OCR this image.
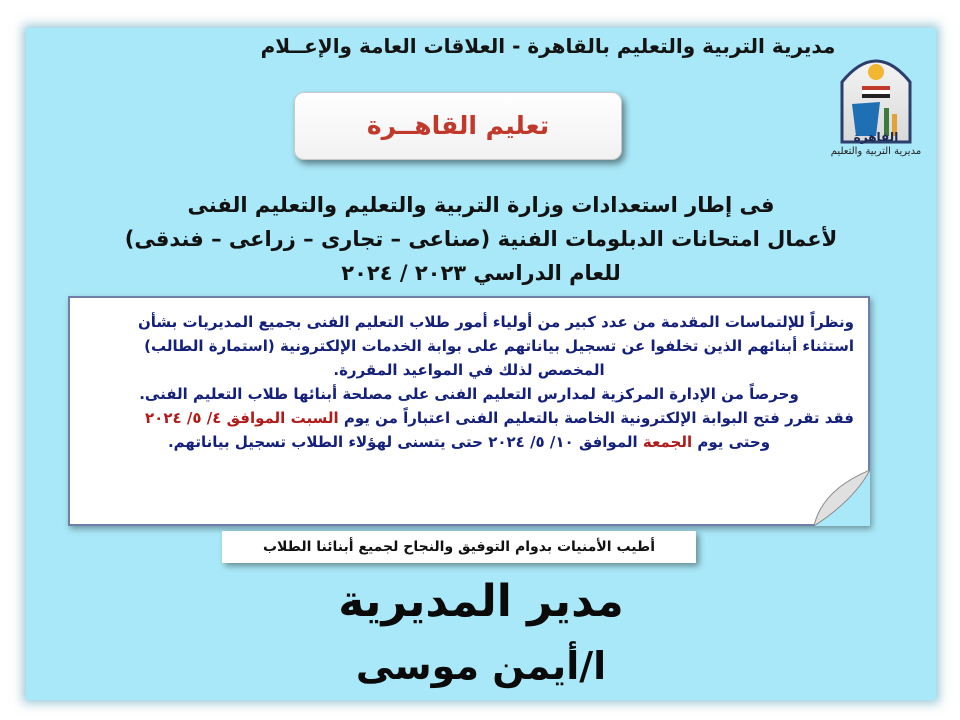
مديرية التربية والتعليم بالقاهرة - العلاقات العامة والإعــلام
القاهرة
مديرية التربية والتعليم
تعليم القاهــرة
فى إطار استعدادات وزارة التربية والتعليم والتعليم الفنى
لأعمال امتحانات الدبلومات الفنية (صناعى – تجارى – زراعى – فندقى)
للعام الدراسي ٢٠٢٣ / ٢٠٢٤
ونظراً للإلتماسات المقدمة من عدد كبير من أولياء أمور طلاب التعليم الفنى بجميع المديريات بشأن استثناء أبنائهم الذين تخلفوا عن تسجيل بياناتهم على بوابة الخدمات الإلكترونية (استمارة الطالب)
المخصص لذلك في المواعيد المقررة.
وحرصاً من الإدارة المركزية لمدارس التعليم الفنى على مصلحة أبنائها طلاب التعليم الفنى.
فقد تقرر فتح البوابة الإلكترونية الخاصة بالتعليم الفنى اعتباراً من يوم السبت الموافق ٤/ ٥/ ٢٠٢٤
وحتى يوم الجمعة الموافق ١٠/ ٥/ ٢٠٢٤ حتى يتسنى لهؤلاء الطلاب تسجيل بياناتهم.
أطيب الأمنيات بدوام التوفيق والنجاح لجميع أبنائنا الطلاب
مدير المديرية
ا/أيمن موسى
